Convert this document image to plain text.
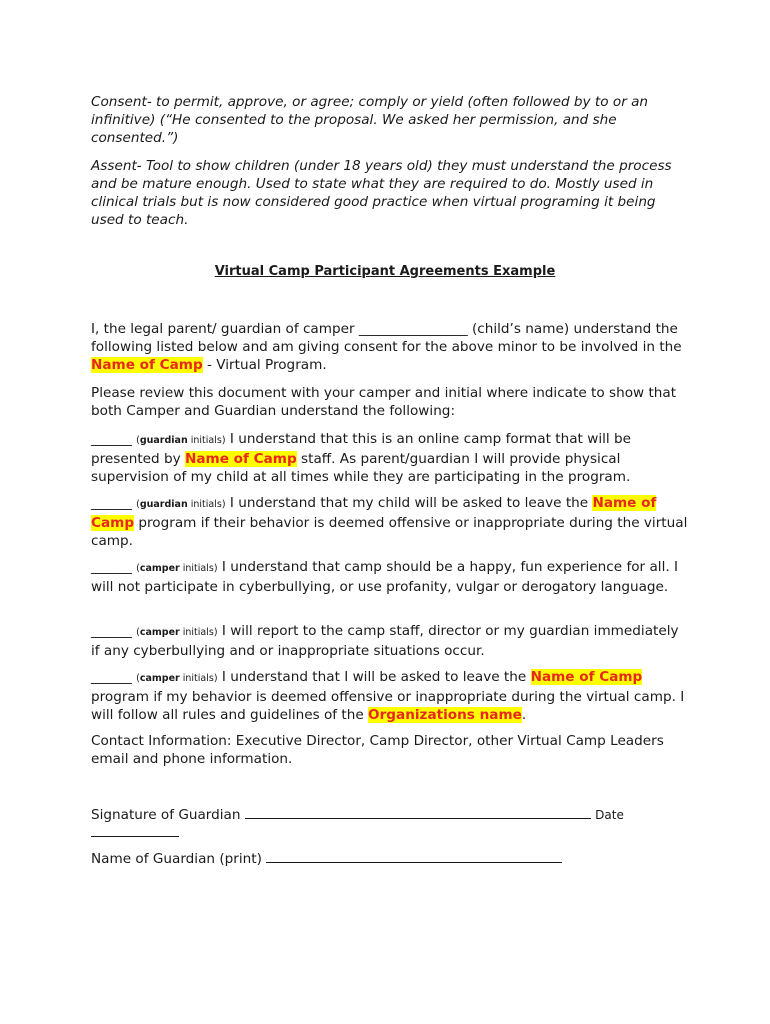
Consent- to permit, approve, or agree; comply or yield (often followed by to or an infinitive) (“He consented to the proposal. We asked her permission, and she consented.”)
Assent- Tool to show children (under 18 years old) they must understand the process and be mature enough. Used to state what they are required to do. Mostly used in clinical trials but is now considered good practice when virtual programing it being used to teach.
Virtual Camp Participant Agreements Example
I, the legal parent/ guardian of camper ________________ (child’s name) understand the following listed below and am giving consent for the above minor to be involved in the Name of Camp - Virtual Program.
Please review this document with your camper and initial where indicate to show that both Camper and Guardian understand the following:
______ (guardian initials) I understand that this is an online camp format that will be presented by Name of Camp staff. As parent/guardian I will provide physical supervision of my child at all times while they are participating in the program.
______ (guardian initials) I understand that my child will be asked to leave the Name of
Camp program if their behavior is deemed offensive or inappropriate during the virtual camp.
______ (camper initials) I understand that camp should be a happy, fun experience for all. I will not participate in cyberbullying, or use profanity, vulgar or derogatory language.
______ (camper initials) I will report to the camp staff, director or my guardian immediately if any cyberbullying and or inappropriate situations occur.
______ (camper initials) I understand that I will be asked to leave the Name of Camp program if my behavior is deemed offensive or inappropriate during the virtual camp. I will follow all rules and guidelines of the Organizations name.
Contact Information: Executive Director, Camp Director, other Virtual Camp Leaders email and phone information.
Signature of Guardian	Date

Name of Guardian (print)
